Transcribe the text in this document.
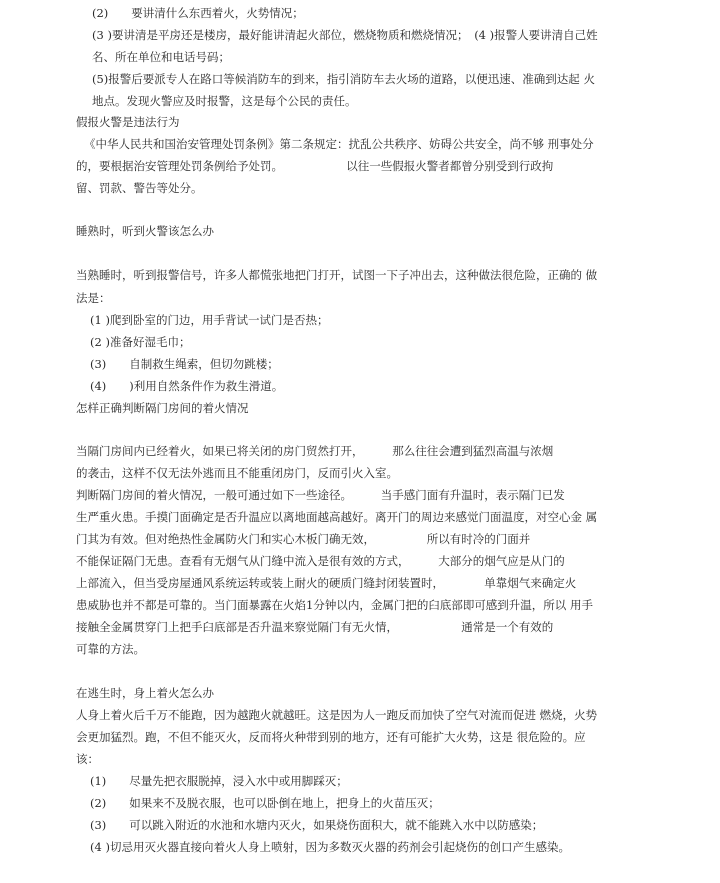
(2)　　要讲清什么东西着火，火势情况；
(3 )要讲清是平房还是楼房，最好能讲清起火部位，燃烧物质和燃烧情况；　(4 )报警人要讲清自己姓
名、所在单位和电话号码；
(5)报警后要派专人在路口等候消防车的到来，指引消防车去火场的道路，以便迅速、准确到达起 火
地点。发现火警应及时报警，这是每个公民的责任。
假报火警是违法行为
《中华人民共和国治安管理处罚条例》第二条规定：扰乱公共秩序、妨碍公共安全，尚不够 刑事处分
的，要根据治安管理处罚条例给予处罚。　　　　　　以往一些假报火警者都曾分别受到行政拘
留、罚款、警告等处分。
睡熟时，听到火警该怎么办
当熟睡时，听到报警信号，许多人都慌张地把门打开，试图一下子冲出去，这种做法很危险，正确的 做
法是：
(1 )爬到卧室的门边，用手背试一试门是否热；
(2 )准备好湿毛巾；
(3)　　自制救生绳索，但切勿跳楼；
(4)　　)利用自然条件作为救生滑道。
怎样正确判断隔门房间的着火情况
当隔门房间内已经着火，如果已将关闭的房门贸然打开，　　　那么往往会遭到猛烈高温与浓烟
的袭击，这样不仅无法外逃而且不能重闭房门，反而引火入室。
判断隔门房间的着火情况，一般可通过如下一些途径。　　　当手感门面有升温时，表示隔门已发
生严重火患。手摸门面确定是否升温应以离地面越高越好。离开门的周边来感觉门面温度，对空心金 属
门其为有效。但对绝热性金属防火门和实心木板门确无效，　　　　　所以有时冷的门面并
不能保证隔门无患。查看有无烟气从门缝中流入是很有效的方式，　　　大部分的烟气应是从门的
上部流入，但当受房屋通风系统运转或装上耐火的硬质门缝封闭装置时，　　　　单靠烟气来确定火
患威胁也并不都是可靠的。当门面暴露在火焰1分钟以内，金属门把的臼底部即可感到升温，所以 用手
接触全金属贯穿门上把手臼底部是否升温来察觉隔门有无火情，　　　　　　通常是一个有效的
可靠的方法。
在逃生时，身上着火怎么办
人身上着火后千万不能跑，因为越跑火就越旺。这是因为人一跑反而加快了空气对流而促进 燃烧，火势
会更加猛烈。跑，不但不能灭火，反而将火种带到别的地方，还有可能扩大火势，这是 很危险的。应
该：
(1)　　尽量先把衣服脱掉，浸入水中或用脚踩灭；
(2)　　如果来不及脱衣服，也可以卧倒在地上，把身上的火苗压灭；
(3)　　可以跳入附近的水池和水塘内灭火，如果烧伤面积大，就不能跳入水中以防感染；
(4 )切忌用灭火器直接向着火人身上喷射，因为多数灭火器的药剂会引起烧伤的创口产生感染。
